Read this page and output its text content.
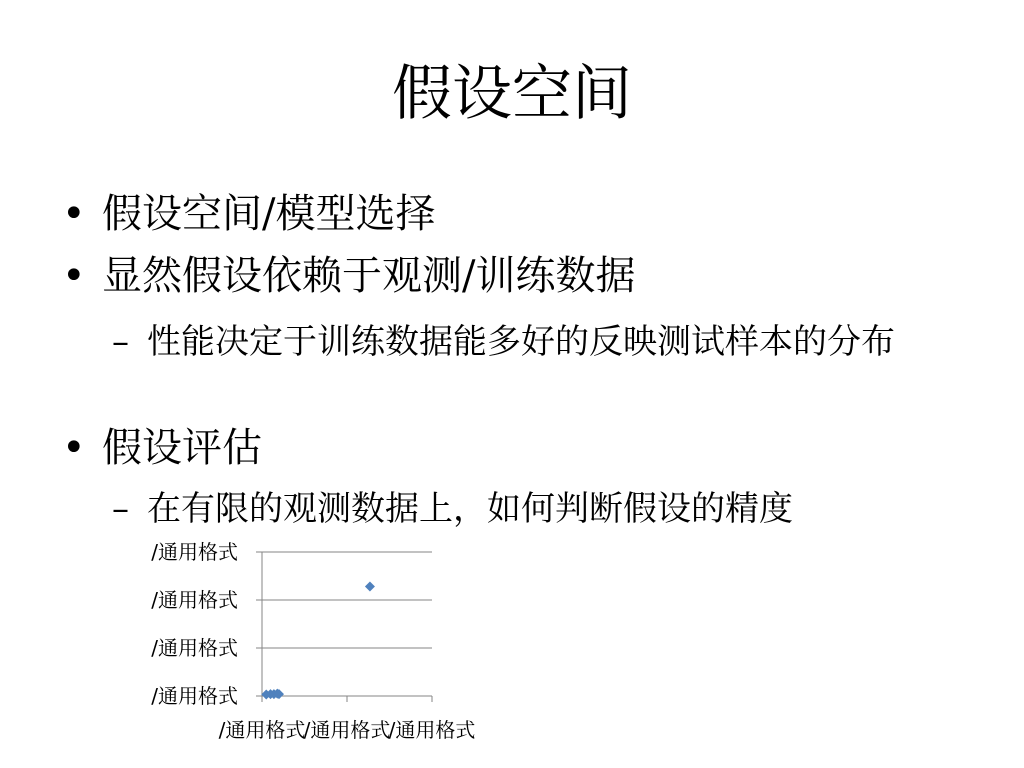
假设空间
• 假设空间/模型选择
• 显然假设依赖于观测/训练数据
– 性能决定于训练数据能多好的反映测试样本的分布
• 假设评估
– 在有限的观测数据上，如何判断假设的精度
/通用格式
/通用格式
/通用格式
/通用格式
/通用格式
/通用格式
/通用格式
